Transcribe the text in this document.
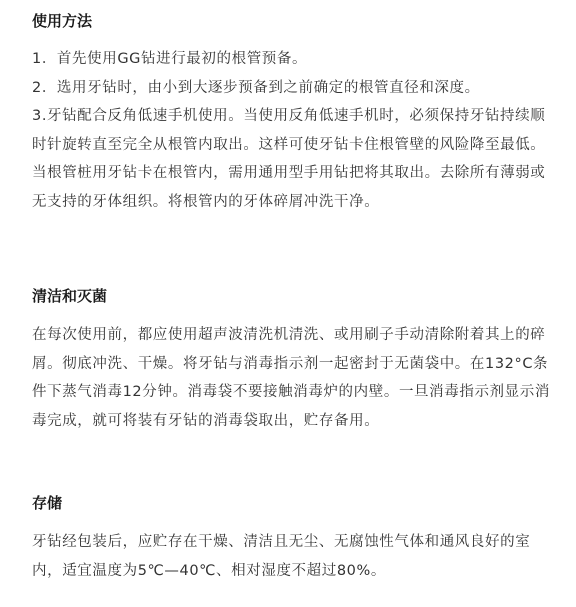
使用方法

1．首先使用GG钻进行最初的根管预备。

2．选用牙钻时，由小到大逐步预备到之前确定的根管直径和深度。

3.牙钻配合反角低速手机使用。当使用反角低速手机时，必须保持牙钻持续顺时针旋转直至完全从根管内取出。这样可使牙钻卡住根管壁的风险降至最低。当根管桩用牙钻卡在根管内，需用通用型手用钻把将其取出。去除所有薄弱或无支持的牙体组织。将根管内的牙体碎屑冲洗干净。

清洁和灭菌

在每次使用前，都应使用超声波清洗机清洗、或用刷子手动清除附着其上的碎屑。彻底冲洗、干燥。将牙钻与消毒指示剂一起密封于无菌袋中。在132°C条件下蒸气消毒12分钟。消毒袋不要接触消毒炉的内壁。一旦消毒指示剂显示消毒完成，就可将装有牙钻的消毒袋取出，贮存备用。

存储

牙钻经包装后，应贮存在干燥、清洁且无尘、无腐蚀性气体和通风良好的室内，适宜温度为5℃—40℃、相对湿度不超过80%。
